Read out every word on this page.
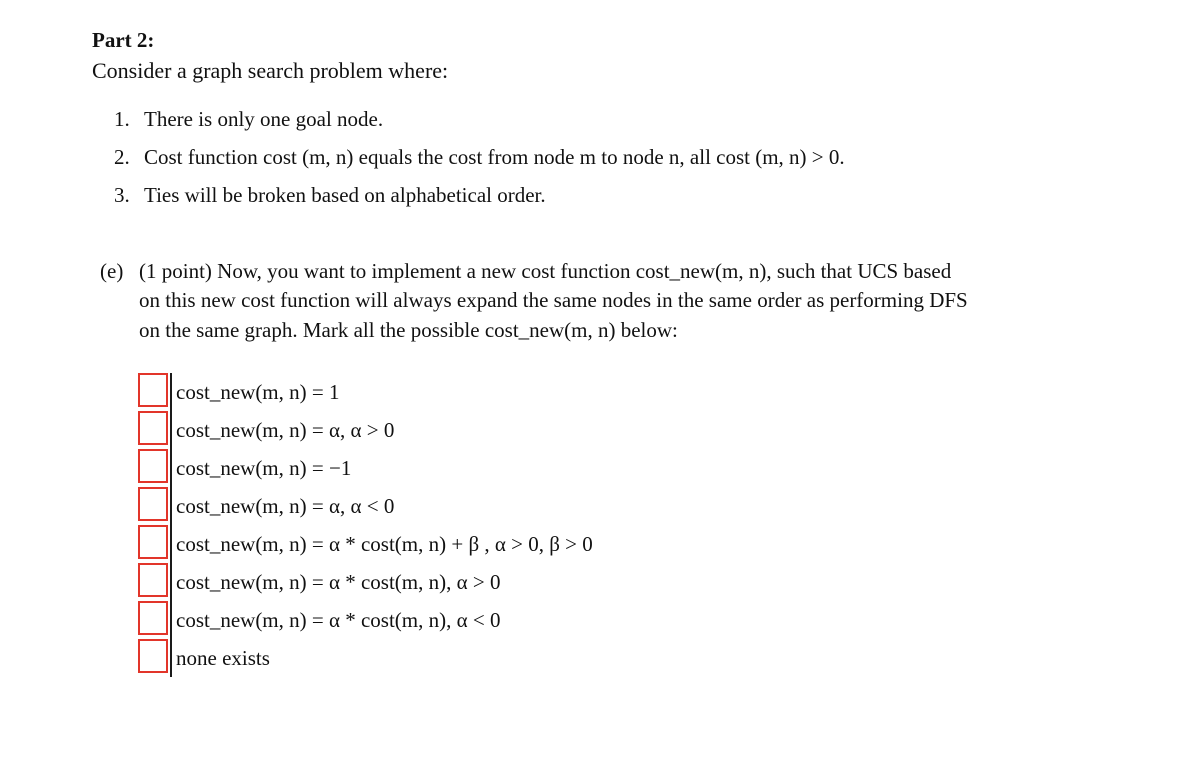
Part 2:
Consider a graph search problem where:
1. There is only one goal node.
2. Cost function cost (m, n) equals the cost from node m to node n, all cost (m, n) > 0.
3. Ties will be broken based on alphabetical order.
(e) (1 point) Now, you want to implement a new cost function cost_new(m, n), such that UCS based
on this new cost function will always expand the same nodes in the same order as performing DFS
on the same graph. Mark all the possible cost_new(m, n) below:
cost_new(m, n) = 1
cost_new(m, n) = α, α > 0
cost_new(m, n) = −1
cost_new(m, n) = α, α < 0
cost_new(m, n) = α * cost(m, n) + β , α > 0, β > 0
cost_new(m, n) = α * cost(m, n), α > 0
cost_new(m, n) = α * cost(m, n), α < 0
none exists
